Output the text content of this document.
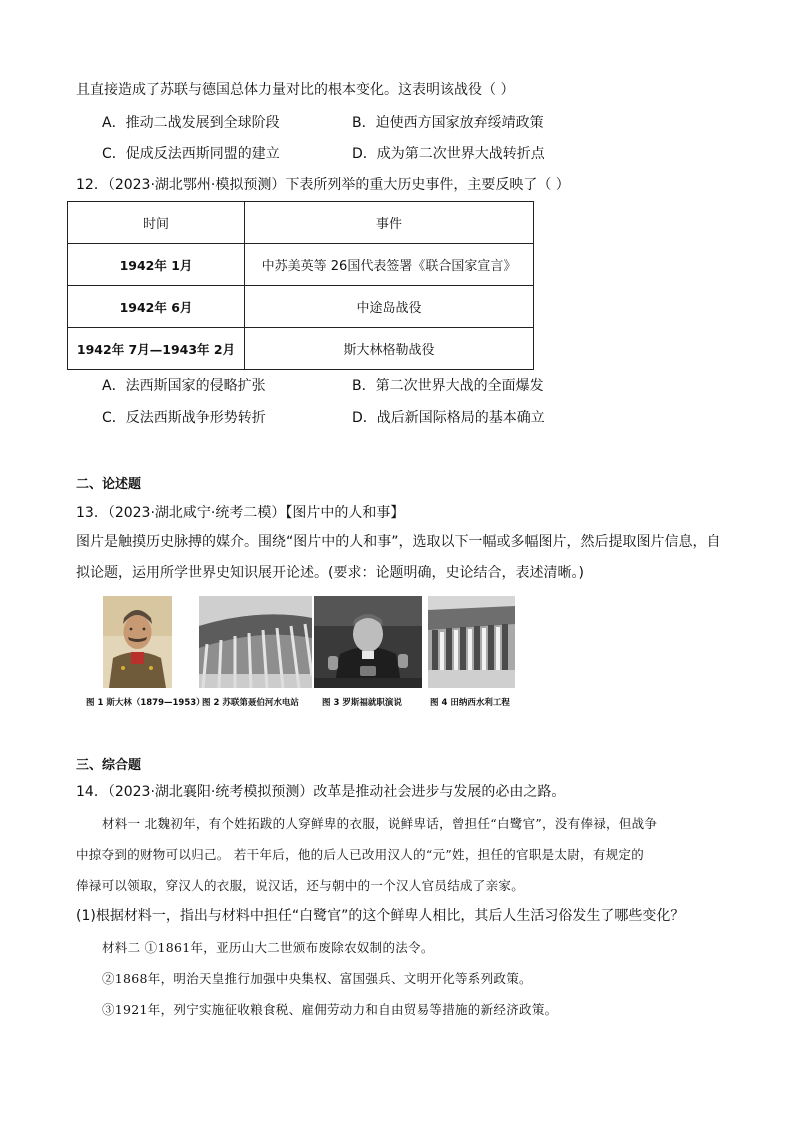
且直接造成了苏联与德国总体力量对比的根本变化。这表明该战役（ ）
A．推动二战发展到全球阶段	B．迫使西方国家放弃绥靖政策
C．促成反法西斯同盟的建立	D．成为第二次世界大战转折点
12．（2023·湖北鄂州·模拟预测）下表所列举的重大历史事件，主要反映了（ ）
时间	事件
1942年 1月	中苏美英等 26国代表签署《联合国家宣言》
1942年 6月	中途岛战役
1942年 7月—1943年 2月	斯大林格勒战役
A．法西斯国家的侵略扩张	B．第二次世界大战的全面爆发
C．反法西斯战争形势转折	D．战后新国际格局的基本确立
二、论述题
13．（2023·湖北咸宁·统考二模）【图片中的人和事】
图片是触摸历史脉搏的媒介。围绕“图片中的人和事”，选取以下一幅或多幅图片，然后提取图片信息，自
拟论题，运用所学世界史知识展开论述。(要求：论题明确，史论结合，表述清晰。)
图 1 斯大林（1879—1953）
图 2 苏联第聂伯河水电站	图 3 罗斯福就职演说	图 4 田纳西水利工程
三、综合题
14．（2023·湖北襄阳·统考模拟预测）改革是推动社会进步与发展的必由之路。
材料一 北魏初年，有个姓拓跋的人穿鲜卑的衣服，说鲜卑话，曾担任“白鹭官”，没有俸禄，但战争
中掠夺到的财物可以归己。 若干年后，他的后人已改用汉人的“元”姓，担任的官职是太尉，有规定的
俸禄可以领取，穿汉人的衣服，说汉话，还与朝中的一个汉人官员结成了亲家。
(1)根据材料一，指出与材料中担任“白鹭官”的这个鲜卑人相比，其后人生活习俗发生了哪些变化？
材料二 ①1861年，亚历山大二世颁布废除农奴制的法令。
②1868年，明治天皇推行加强中央集权、富国强兵、文明开化等系列政策。
③1921年，列宁实施征收粮食税、雇佣劳动力和自由贸易等措施的新经济政策。
